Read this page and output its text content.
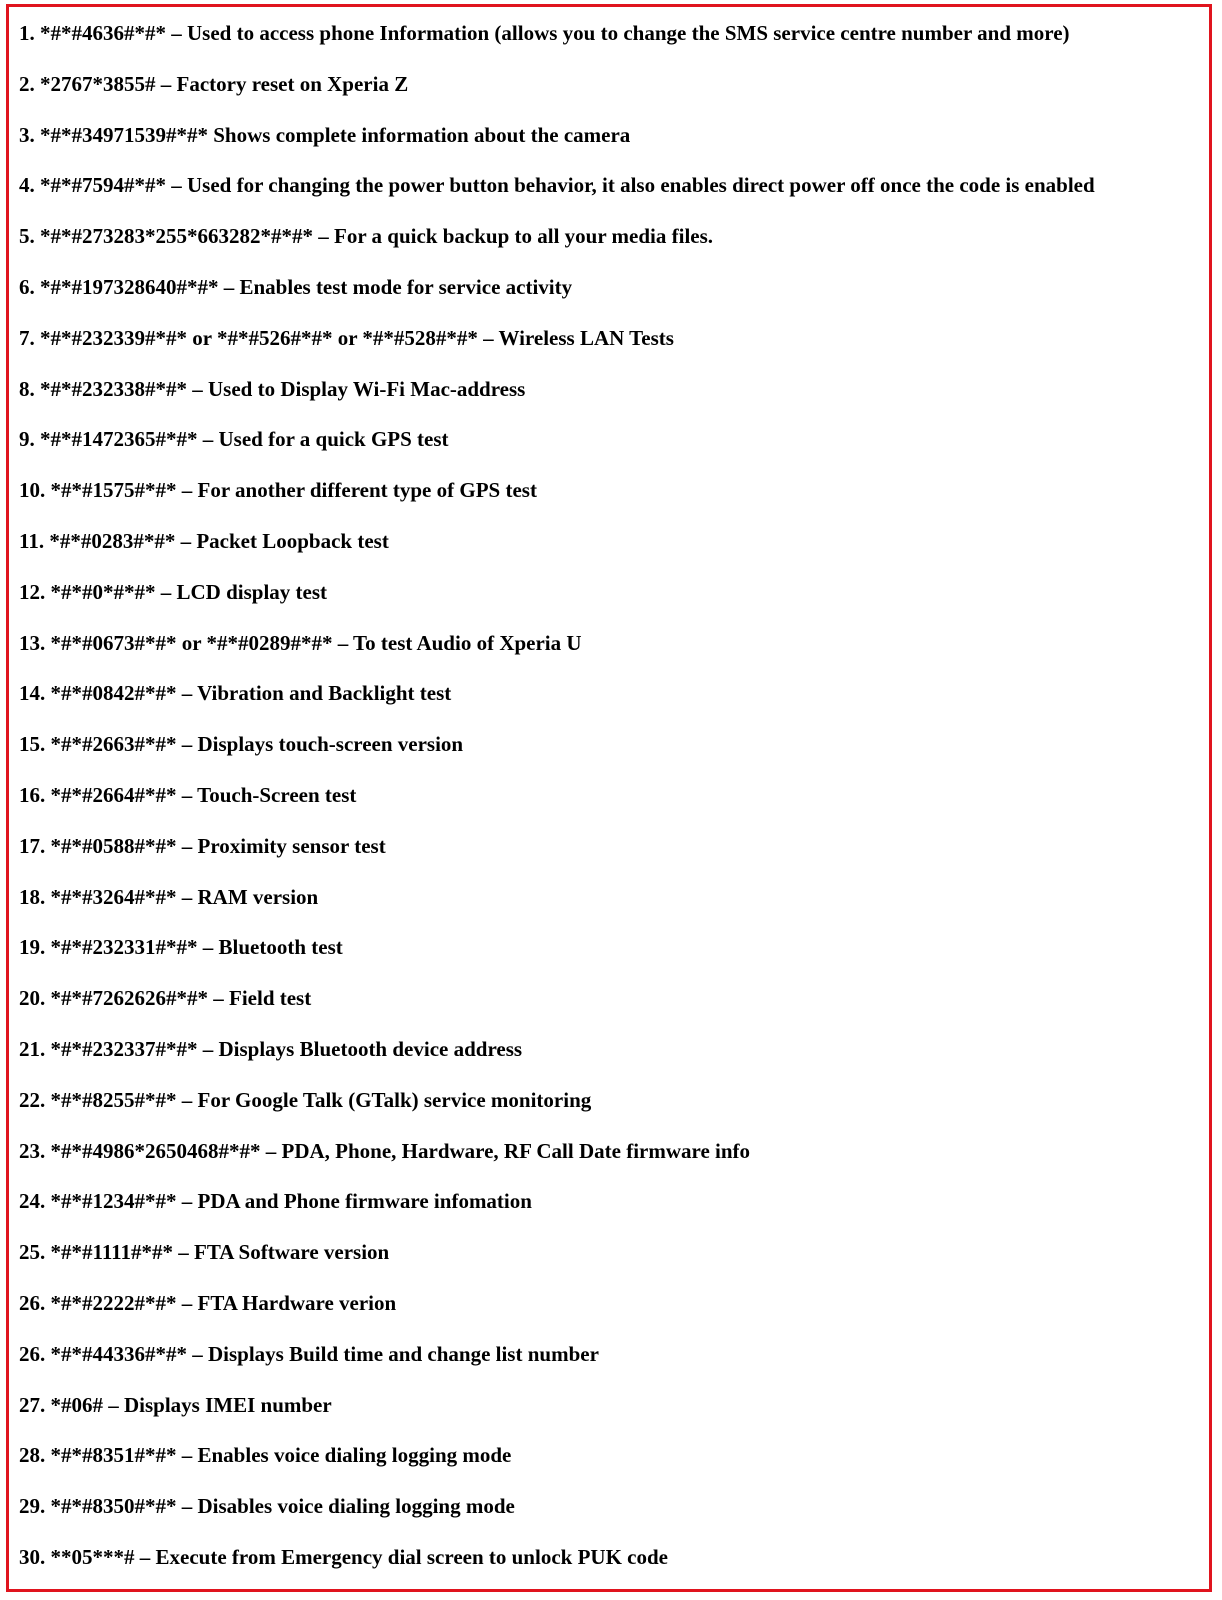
1. *#*#4636#*#* – Used to access phone Information (allows you to change the SMS service centre number and more)
2. *2767*3855# – Factory reset on Xperia Z
3. *#*#34971539#*#* Shows complete information about the camera
4. *#*#7594#*#* – Used for changing the power button behavior, it also enables direct power off once the code is enabled
5. *#*#273283*255*663282*#*#* – For a quick backup to all your media files.
6. *#*#197328640#*#* – Enables test mode for service activity
7. *#*#232339#*#* or *#*#526#*#* or *#*#528#*#* – Wireless LAN Tests
8. *#*#232338#*#* – Used to Display Wi-Fi Mac-address
9. *#*#1472365#*#* – Used for a quick GPS test
10. *#*#1575#*#* – For another different type of GPS test
11. *#*#0283#*#* – Packet Loopback test
12. *#*#0*#*#* – LCD display test
13. *#*#0673#*#* or *#*#0289#*#* – To test Audio of Xperia U
14. *#*#0842#*#* – Vibration and Backlight test
15. *#*#2663#*#* – Displays touch-screen version
16. *#*#2664#*#* – Touch-Screen test
17. *#*#0588#*#* – Proximity sensor test
18. *#*#3264#*#* – RAM version
19. *#*#232331#*#* – Bluetooth test
20. *#*#7262626#*#* – Field test
21. *#*#232337#*#* – Displays Bluetooth device address
22. *#*#8255#*#* – For Google Talk (GTalk) service monitoring
23. *#*#4986*2650468#*#* – PDA, Phone, Hardware, RF Call Date firmware info
24. *#*#1234#*#* – PDA and Phone firmware infomation
25. *#*#1111#*#* – FTA Software version
26. *#*#2222#*#* – FTA Hardware verion
26. *#*#44336#*#* – Displays Build time and change list number
27. *#06# – Displays IMEI number
28. *#*#8351#*#* – Enables voice dialing logging mode
29. *#*#8350#*#* – Disables voice dialing logging mode
30. **05***# – Execute from Emergency dial screen to unlock PUK code
